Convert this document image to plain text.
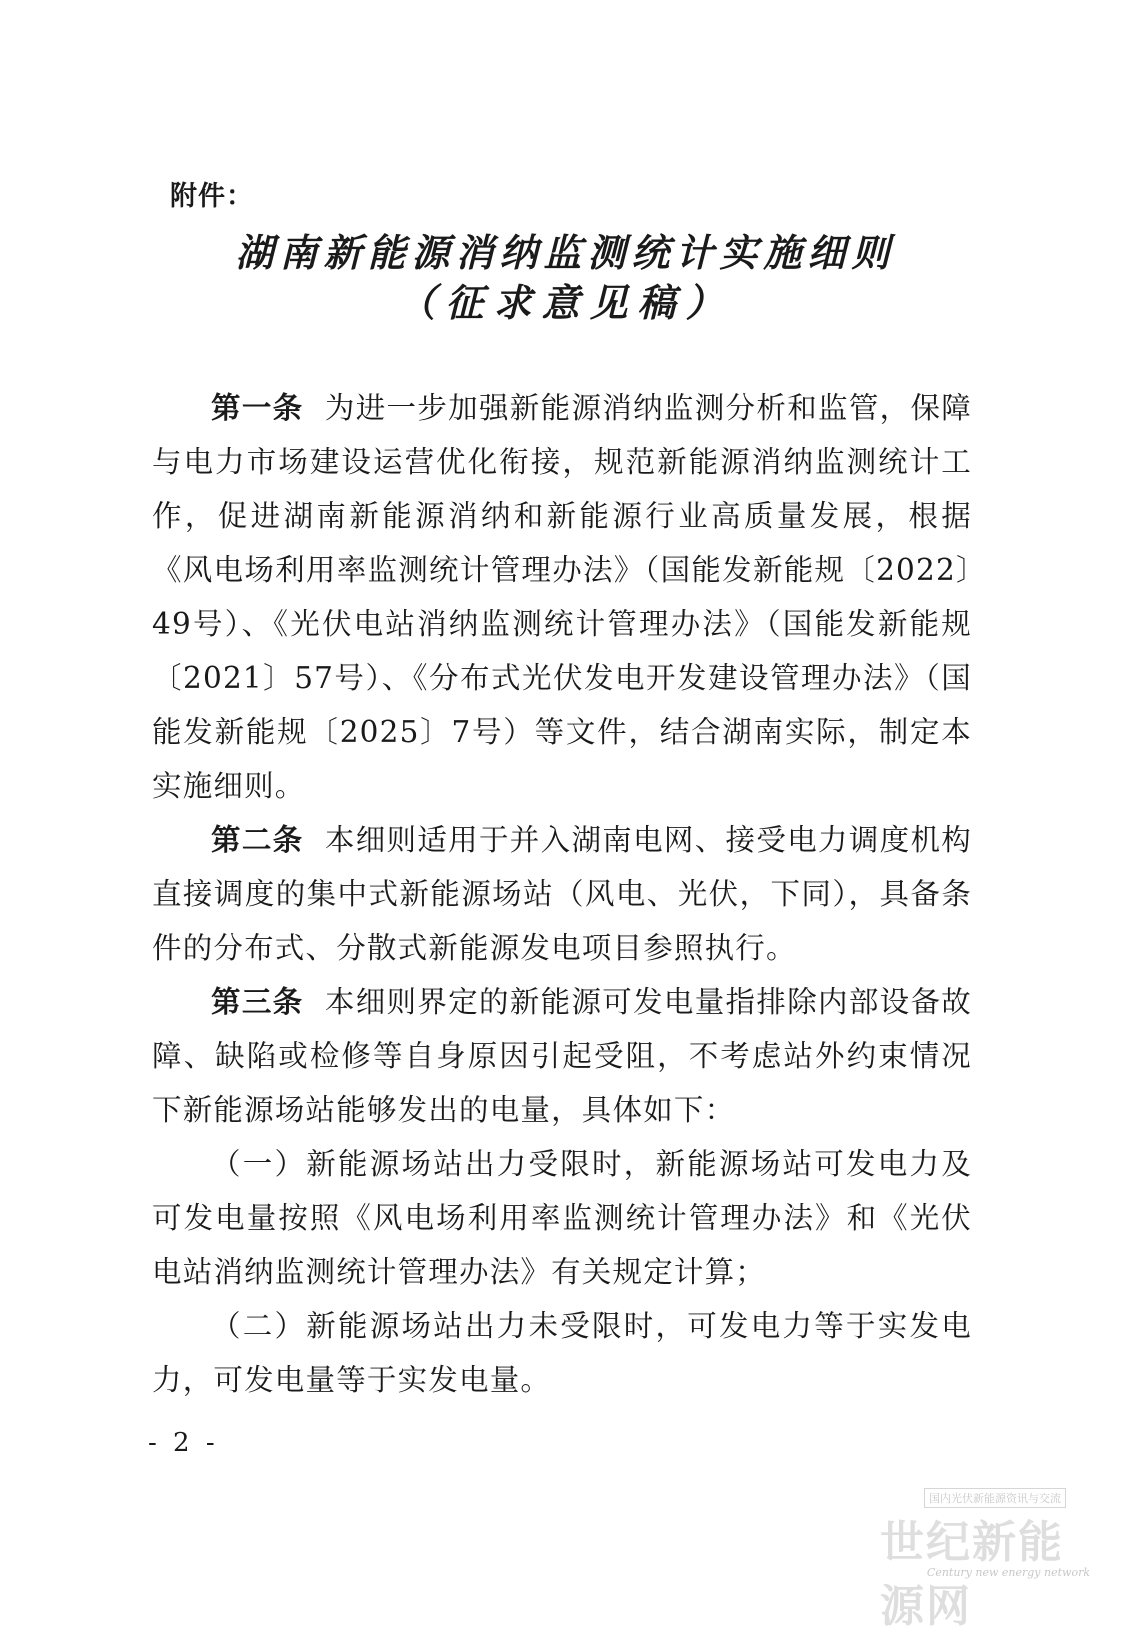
附件：
湖南新能源消纳监测统计实施细则
（征求意见稿）

第一条 为进一步加强新能源消纳监测分析和监管，保障与电力市场建设运营优化衔接，规范新能源消纳监测统计工作，促进湖南新能源消纳和新能源行业高质量发展，根据《风电场利用率监测统计管理办法》（国能发新能规〔2022〕49号）、《光伏电站消纳监测统计管理办法》（国能发新能规〔2021〕57号）、《分布式光伏发电开发建设管理办法》（国能发新能规〔2025〕7号）等文件，结合湖南实际，制定本实施细则。

第二条 本细则适用于并入湖南电网、接受电力调度机构直接调度的集中式新能源场站（风电、光伏，下同），具备条件的分布式、分散式新能源发电项目参照执行。

第三条 本细则界定的新能源可发电量指排除内部设备故障、缺陷或检修等自身原因引起受阻，不考虑站外约束情况下新能源场站能够发出的电量，具体如下：

（一）新能源场站出力受限时，新能源场站可发电力及可发电量按照《风电场利用率监测统计管理办法》和《光伏电站消纳监测统计管理办法》有关规定计算；

（二）新能源场站出力未受限时，可发电力等于实发电力，可发电量等于实发电量。

- 2 -
国内光伏新能源资讯与交流
世纪新能源网
Century new energy network
